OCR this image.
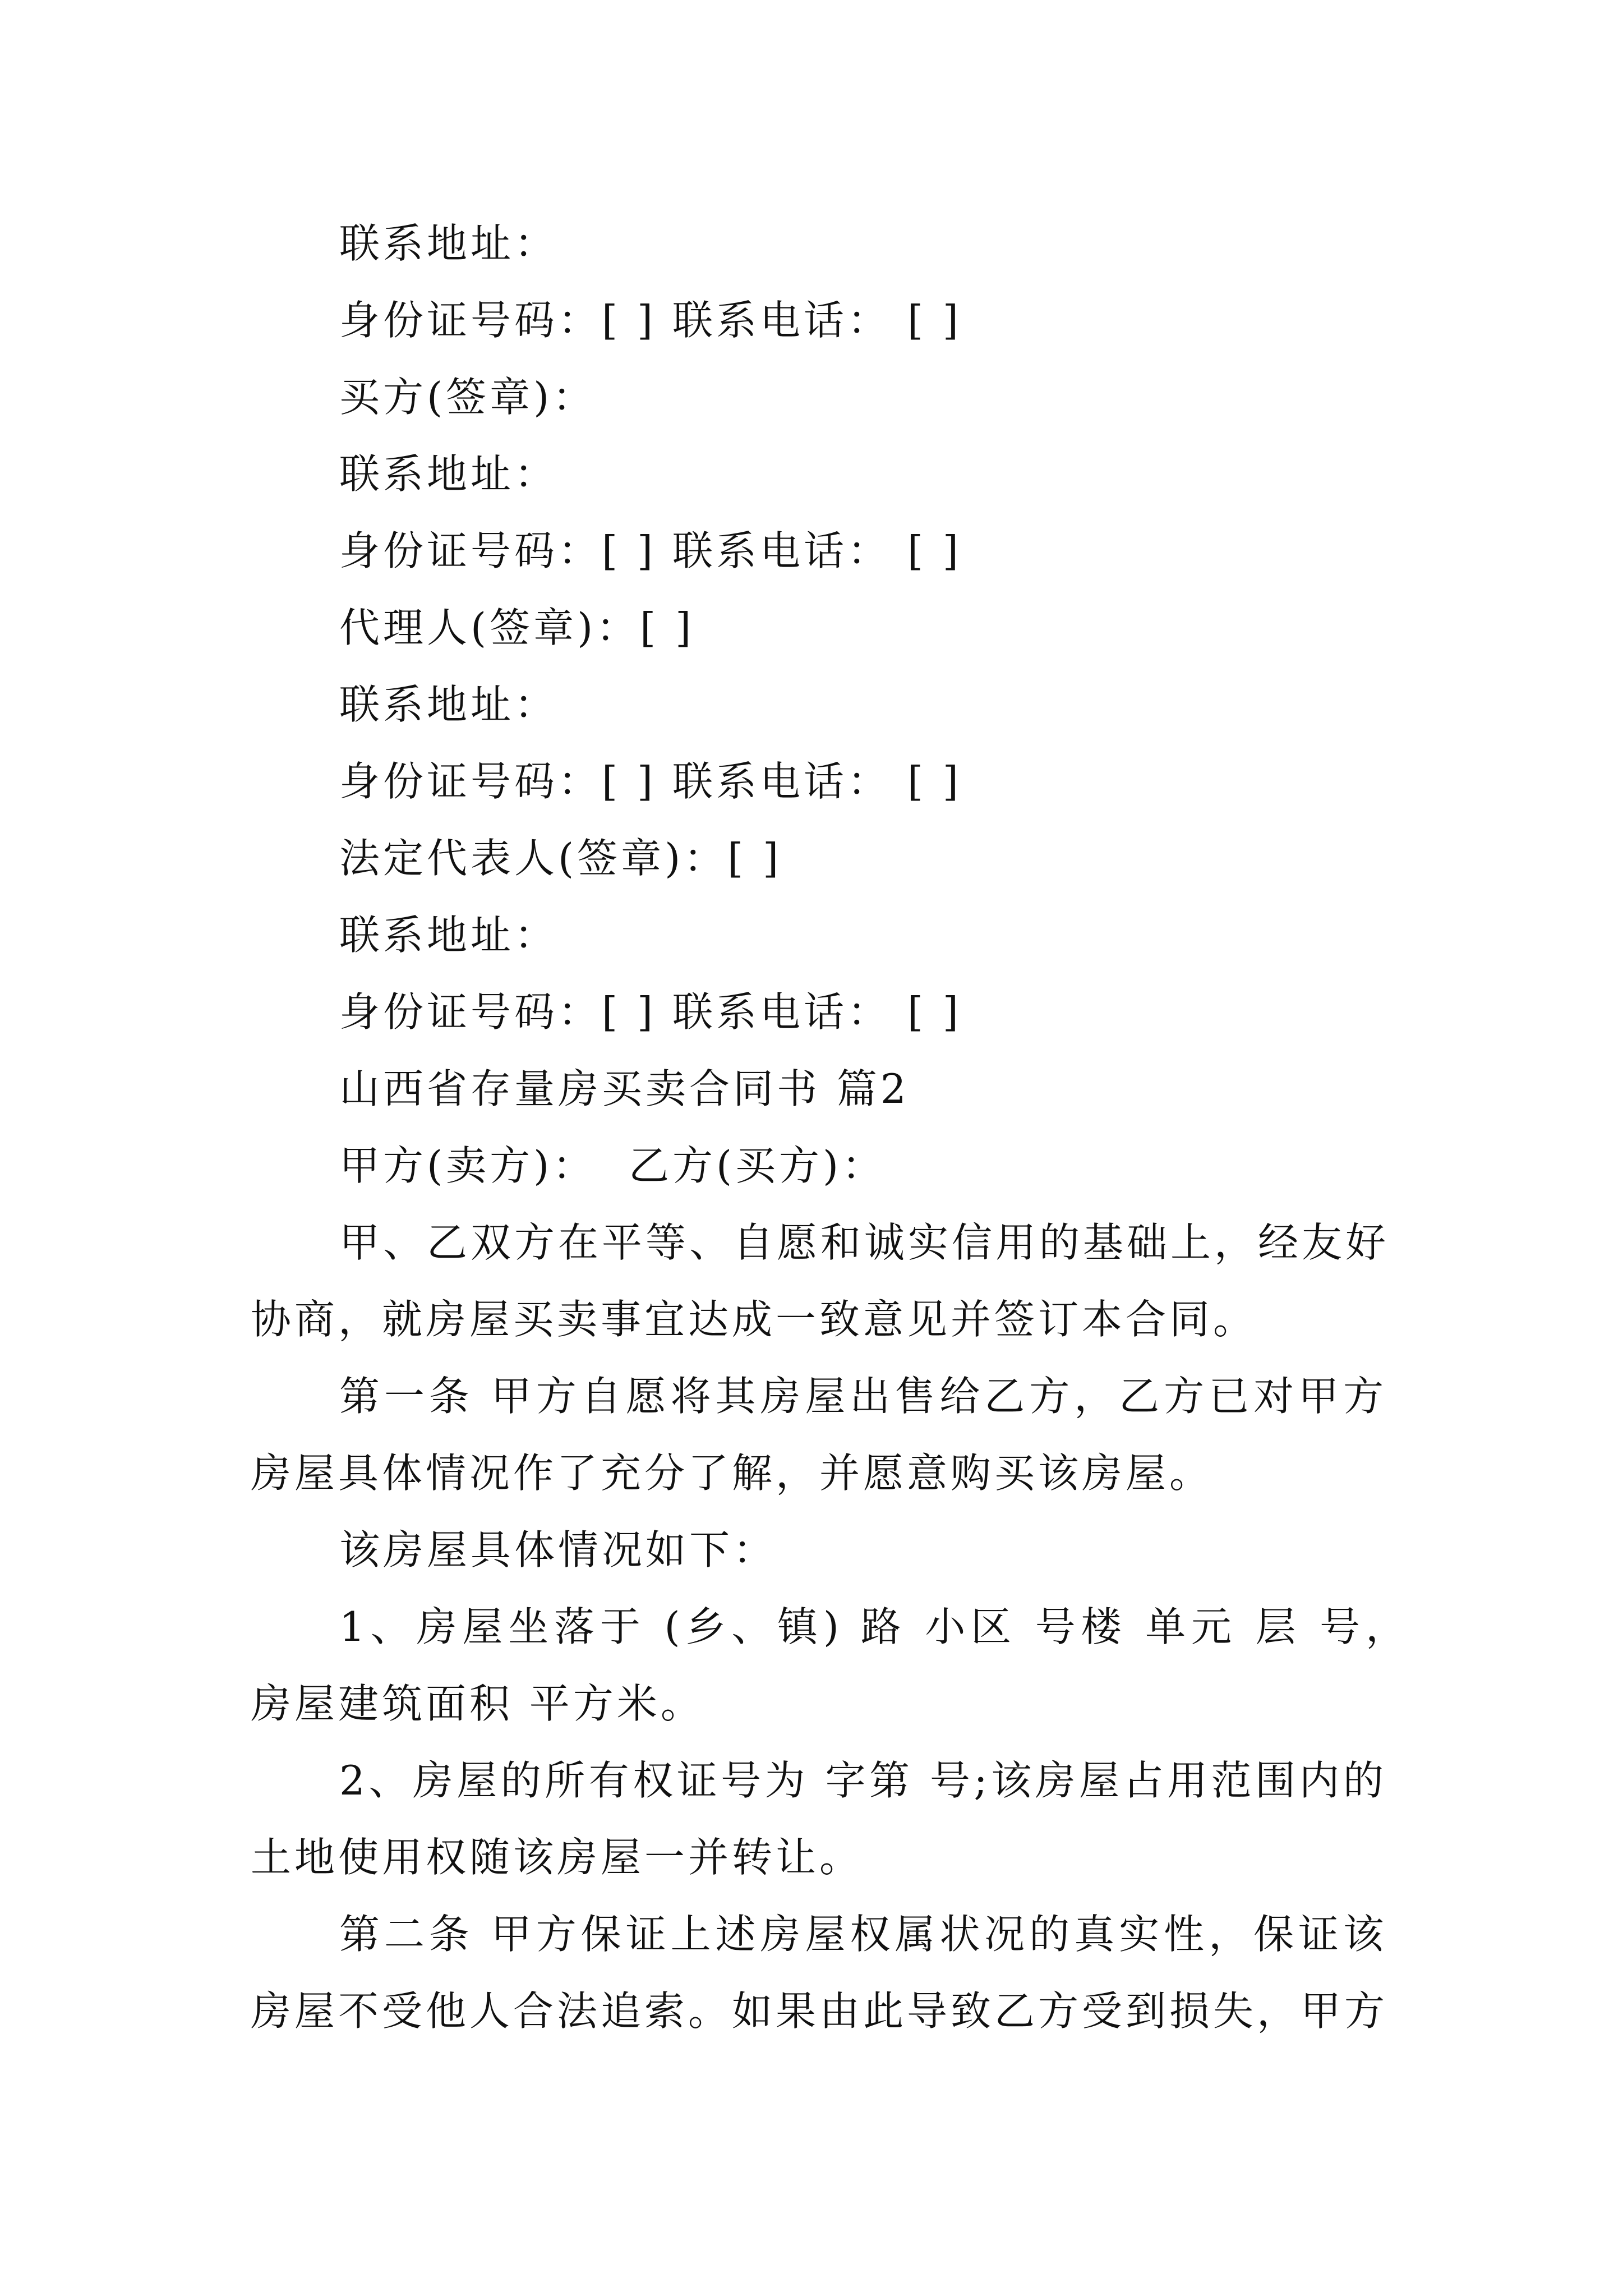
联系地址：
身份证号码：[ ] 联系电话： [ ]
买方(签章)：
联系地址：
身份证号码：[ ] 联系电话： [ ]
代理人(签章)：[ ]
联系地址：
身份证号码：[ ] 联系电话： [ ]
法定代表人(签章)：[ ]
联系地址：
身份证号码：[ ] 联系电话： [ ]
山西省存量房买卖合同书 篇2
甲方(卖方)：  乙方(买方)：
甲、乙双方在平等、自愿和诚实信用的基础上，经友好
协商，就房屋买卖事宜达成一致意见并签订本合同。
第一条 甲方自愿将其房屋出售给乙方，乙方已对甲方
房屋具体情况作了充分了解，并愿意购买该房屋。
该房屋具体情况如下：
1、房屋坐落于 (乡、镇) 路 小区 号楼 单元 层 号，
房屋建筑面积 平方米。
2、房屋的所有权证号为 字第 号;该房屋占用范围内的
土地使用权随该房屋一并转让。
第二条 甲方保证上述房屋权属状况的真实性，保证该
房屋不受他人合法追索。如果由此导致乙方受到损失，甲方
